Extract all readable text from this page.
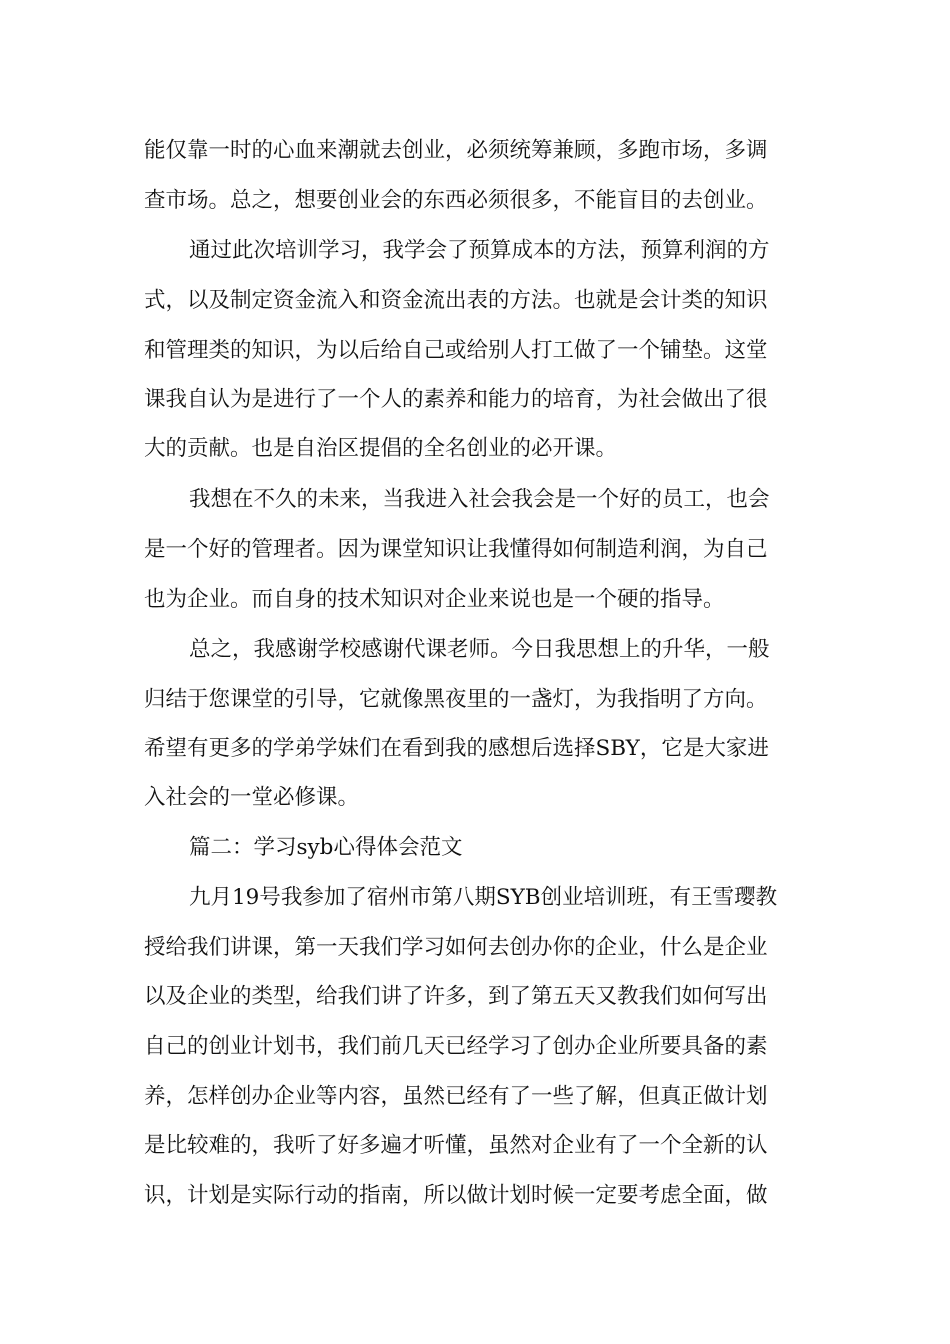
能仅靠一时的心血来潮就去创业，必须统筹兼顾，多跑市场，多调
查市场。总之，想要创业会的东西必须很多，不能盲目的去创业。
通过此次培训学习，我学会了预算成本的方法，预算利润的方
式，以及制定资金流入和资金流出表的方法。也就是会计类的知识
和管理类的知识，为以后给自己或给别人打工做了一个铺垫。这堂
课我自认为是进行了一个人的素养和能力的培育，为社会做出了很
大的贡献。也是自治区提倡的全名创业的必开课。
我想在不久的未来，当我进入社会我会是一个好的员工，也会
是一个好的管理者。因为课堂知识让我懂得如何制造利润，为自己
也为企业。而自身的技术知识对企业来说也是一个硬的指导。
总之，我感谢学校感谢代课老师。今日我思想上的升华，一般
归结于您课堂的引导，它就像黑夜里的一盏灯，为我指明了方向。
希望有更多的学弟学妹们在看到我的感想后选择SBY，它是大家进
入社会的一堂必修课。
篇二：学习syb心得体会范文
九月19号我参加了宿州市第八期SYB创业培训班，有王雪璎教
授给我们讲课，第一天我们学习如何去创办你的企业，什么是企业
以及企业的类型，给我们讲了许多，到了第五天又教我们如何写出
自己的创业计划书，我们前几天已经学习了创办企业所要具备的素
养，怎样创办企业等内容，虽然已经有了一些了解，但真正做计划
是比较难的，我听了好多遍才听懂，虽然对企业有了一个全新的认
识，计划是实际行动的指南，所以做计划时候一定要考虑全面，做
